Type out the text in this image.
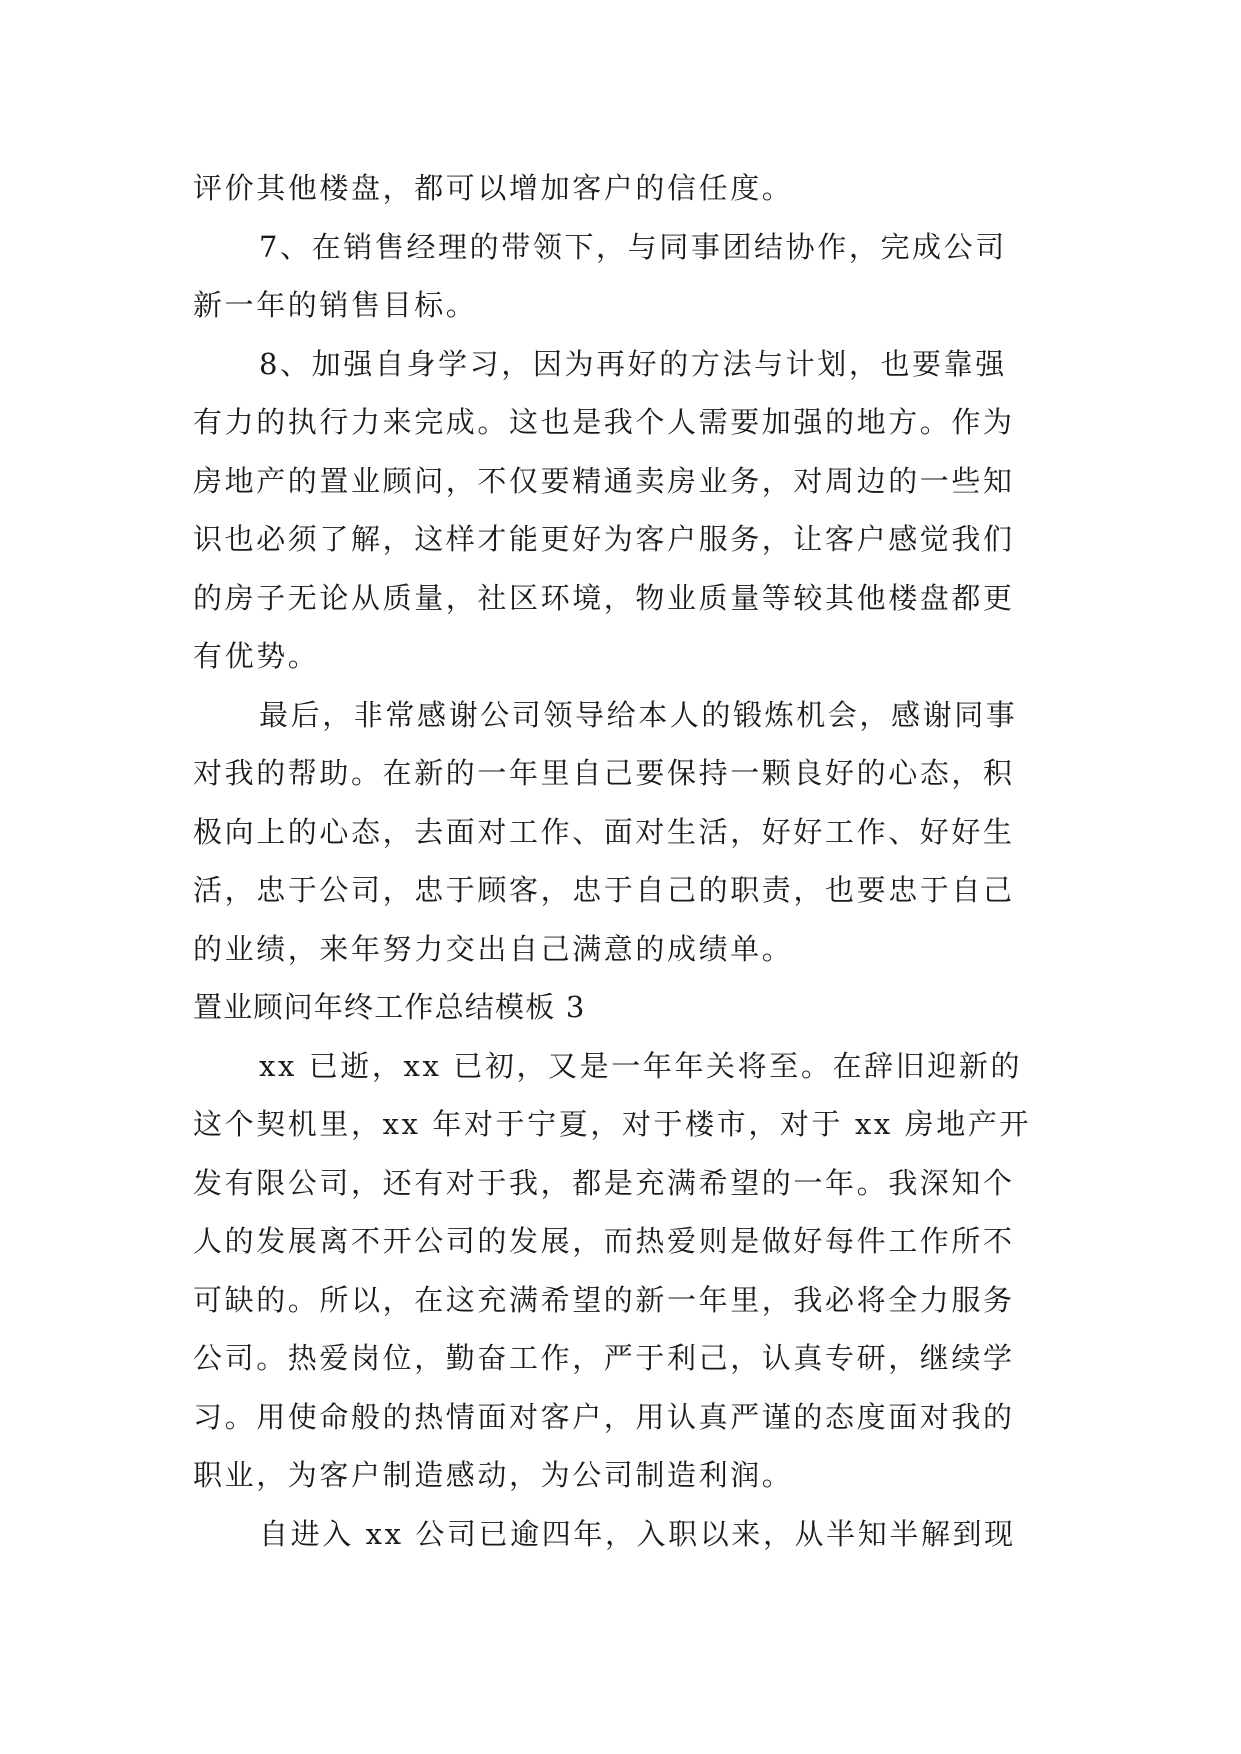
评价其他楼盘，都可以增加客户的信任度。
7、在销售经理的带领下，与同事团结协作，完成公司
新一年的销售目标。
8、加强自身学习，因为再好的方法与计划，也要靠强
有力的执行力来完成。这也是我个人需要加强的地方。作为
房地产的置业顾问，不仅要精通卖房业务，对周边的一些知
识也必须了解，这样才能更好为客户服务，让客户感觉我们
的房子无论从质量，社区环境，物业质量等较其他楼盘都更
有优势。
最后，非常感谢公司领导给本人的锻炼机会，感谢同事
对我的帮助。在新的一年里自己要保持一颗良好的心态，积
极向上的心态，去面对工作、面对生活，好好工作、好好生
活，忠于公司，忠于顾客，忠于自己的职责，也要忠于自己
的业绩，来年努力交出自己满意的成绩单。
置业顾问年终工作总结模板 3
xx 已逝，xx 已初，又是一年年关将至。在辞旧迎新的
这个契机里，xx 年对于宁夏，对于楼市，对于 xx 房地产开
发有限公司，还有对于我，都是充满希望的一年。我深知个
人的发展离不开公司的发展，而热爱则是做好每件工作所不
可缺的。所以，在这充满希望的新一年里，我必将全力服务
公司。热爱岗位，勤奋工作，严于利己，认真专研，继续学
习。用使命般的热情面对客户，用认真严谨的态度面对我的
职业，为客户制造感动，为公司制造利润。
自进入 xx 公司已逾四年，入职以来，从半知半解到现
